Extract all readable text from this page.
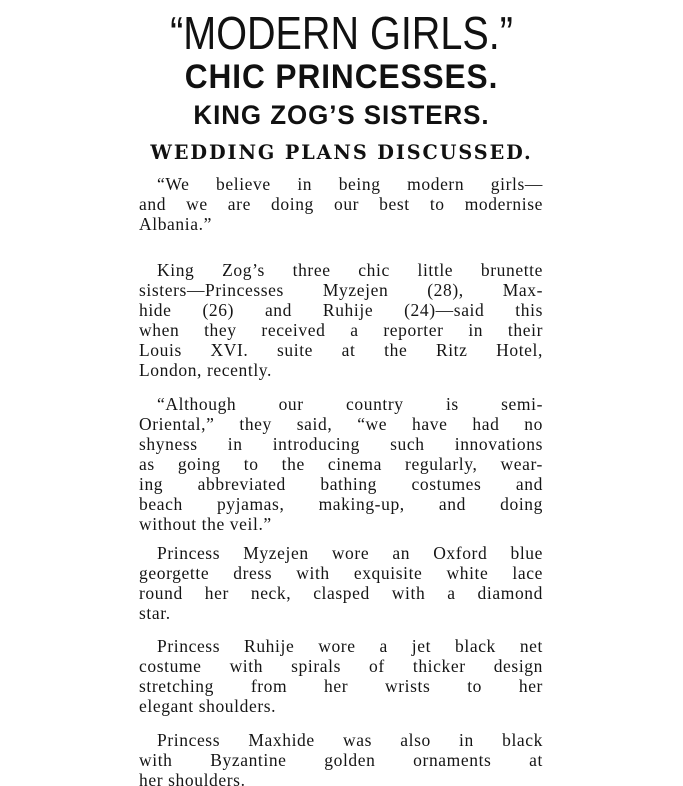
“MODERN GIRLS.”
CHIC PRINCESSES.
KING ZOG’S SISTERS.
WEDDING PLANS DISCUSSED.
“We believe in being modern girls—
and we are doing our best to modernise
Albania.”
King Zog’s three chic little brunette
sisters—Princesses Myzejen (28), Max-
hide (26) and Ruhije (24)—said this
when they received a reporter in their
Louis XVI. suite at the Ritz Hotel,
London, recently.
“Although our country is semi-
Oriental,” they said, “we have had no
shyness in introducing such innovations
as going to the cinema regularly, wear-
ing abbreviated bathing costumes and
beach pyjamas, making-up, and doing
without the veil.”
Princess Myzejen wore an Oxford blue
georgette dress with exquisite white lace
round her neck, clasped with a diamond
star.
Princess Ruhije wore a jet black net
costume with spirals of thicker design
stretching from her wrists to her
elegant shoulders.
Princess Maxhide was also in black
with Byzantine golden ornaments at
her shoulders.
